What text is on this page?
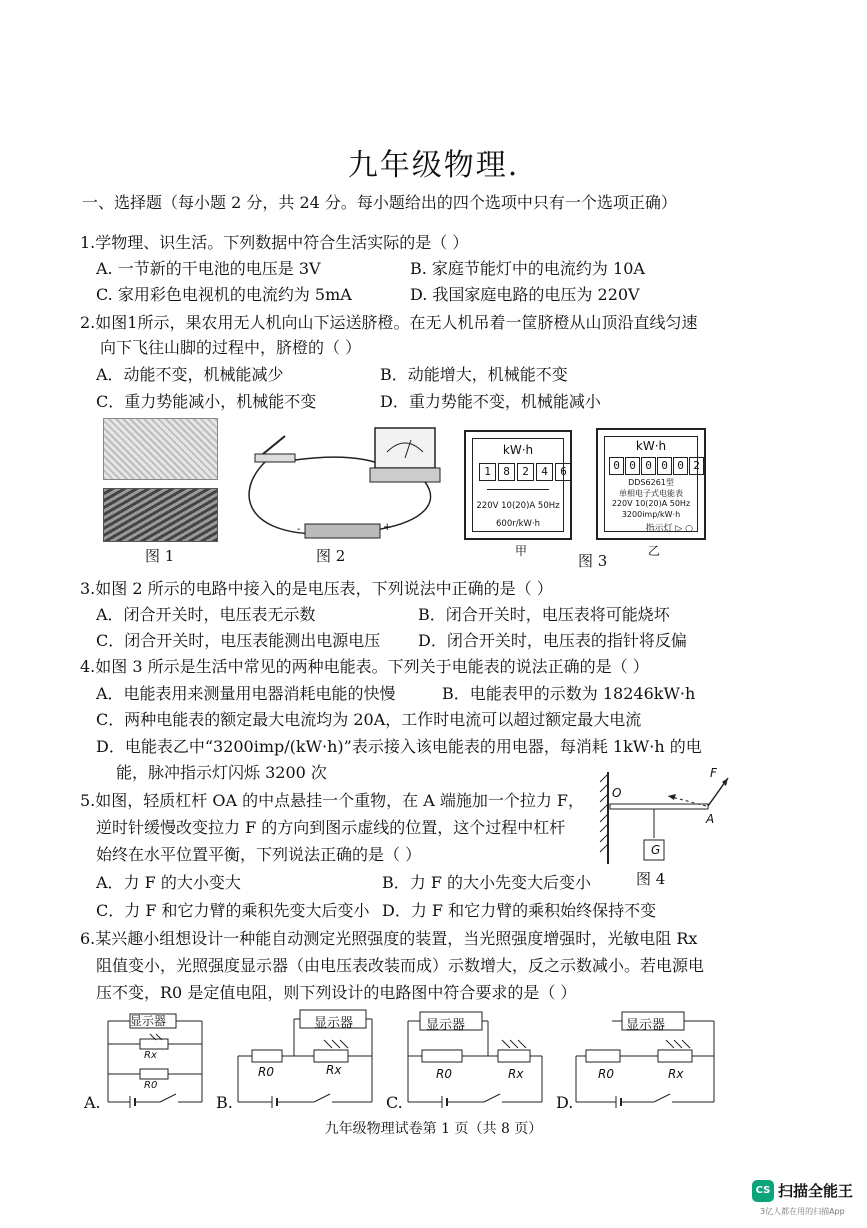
九年级物理.
一、选择题（每小题 2 分，共 24 分。每小题给出的四个选项中只有一个选项正确）
1.学物理、识生活。下列数据中符合生活实际的是（ ）
A. 一节新的干电池的电压是 3V	B. 家庭节能灯中的电流约为 10A
C. 家用彩色电视机的电流约为 5mA	D. 我国家庭电路的电压为 220V
2.如图1所示，果农用无人机向山下运送脐橙。在无人机吊着一筐脐橙从山顶沿直线匀速
向下飞往山脚的过程中，脐橙的（ ）
A．动能不变，机械能减少	B．动能增大，机械能不变
C．重力势能减小，机械能不变	D．重力势能不变，机械能减小
图 1
-	+
图 2
kW·h
1	8	2	4	6
220V 10(20)A 50Hz
600r/kW·h
甲
图 3
kW·h
0 0 0 0 0 2
DDS6261型
单相电子式电能表
220V 10(20)A 50Hz
3200imp/kW·h
指示灯 ▷ ○
乙
3.如图 2 所示的电路中接入的是电压表，下列说法中正确的是（ ）
A．闭合开关时，电压表无示数	B．闭合开关时，电压表将可能烧坏
C．闭合开关时，电压表能测出电源电压 D．闭合开关时，电压表的指针将反偏
4.如图 3 所示是生活中常见的两种电能表。下列关于电能表的说法正确的是（ ）
A．电能表用来测量用电器消耗电能的快慢	B．电能表甲的示数为 18246kW·h
C．两种电能表的额定最大电流均为 20A，工作时电流可以超过额定最大电流
D．电能表乙中“3200imp/(kW·h)”表示接入该电能表的用电器，每消耗 1kW·h 的电
能，脉冲指示灯闪烁 3200 次
5.如图，轻质杠杆 OA 的中点悬挂一个重物，在 A 端施加一个拉力 F，
逆时针缓慢改变拉力 F 的方向到图示虚线的位置，这个过程中杠杆
始终在水平位置平衡，下列说法正确的是（ ）
A．力 F 的大小变大	B．力 F 的大小先变大后变小
C．力 F 和它力臂的乘积先变大后变小 D．力 F 和它力臂的乘积始终保持不变
O
A
F
G
图 4
6.某兴趣小组想设计一种能自动测定光照强度的装置，当光照强度增强时，光敏电阻 Rx
阻值变小，光照强度显示器（由电压表改装而成）示数增大，反之示数减小。若电源电
压不变，R0 是定值电阻，则下列设计的电路图中符合要求的是（ ）
显示器
Rx
R0
A.
显示器
R0	Rx
B.
显示器
R0	Rx
C.
显示器
R0	Rx
D.
九年级物理试卷第 1 页（共 8 页）
CS 扫描全能王
3亿人都在用的扫描App
